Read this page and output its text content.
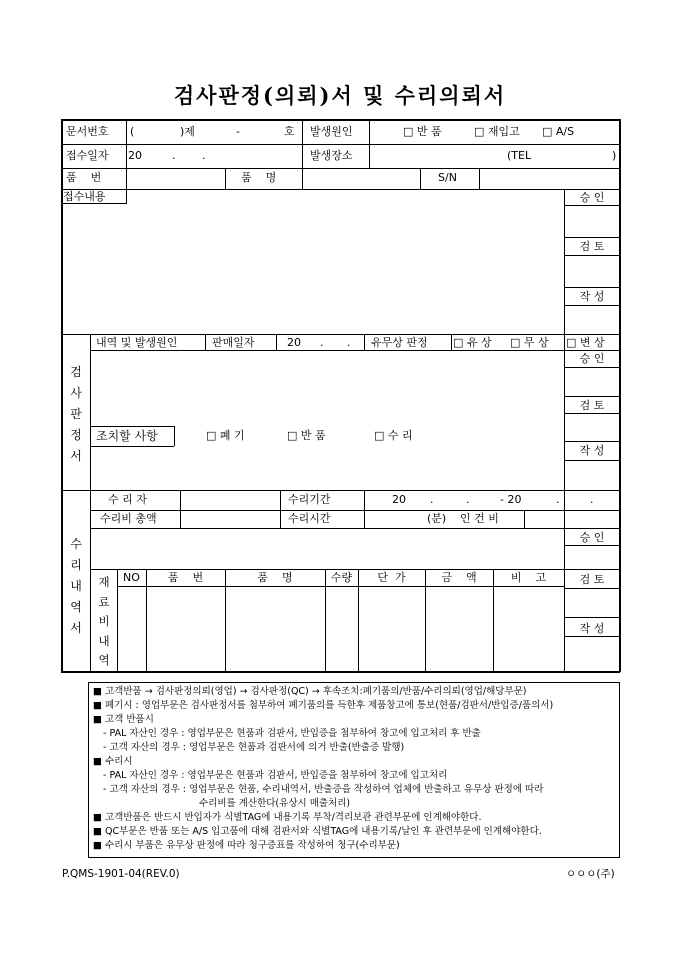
검사판정(의뢰)서 및 수리의뢰서
문서번호 (	)제	-	호 발생원인	□ 반 품	□ 재입고 □ A/S
접수일자 20	. .	발생장소	(TEL	)
품    번	품    명	S/N
접수내용	승 인
검 토
작 성
검
사
판
정
서
내역 및 발생원인	판매일자	20 . . 유무상 판정 □ 유 상 □ 무 상 □ 변 상
승 인
검 토
작 성
조치할 사항	□ 폐 기	□ 반 품	□ 수 리
수
리
내
역
서
수 리 자	수리기간	20 .	.	- 20	.	.
수리비 총액	수리시간	(분) 인 건 비
승 인
검 토
작 성
재
료
비
내
역
NO	품    번	품    명	수량	단  가	금    액	비    고
■ 고객반품 → 검사판정의뢰(영업) → 검사판정(QC) → 후속조치:폐기품의/반품/수리의뢰(영업/해당부문)
■ 폐기시 : 영업부문은 검사판정서를 첨부하여 폐기품의를 득한후 제품창고에 통보(현품/검판서/반입증/품의서)
■ 고객 반품시
- PAL 자산인 경우 : 영업부문은 현품과 검판서, 반입증을 첨부하여 창고에 입고처리 후 반출
- 고객 자산의 경우 : 영업부문은 현품과 검판서에 의거 반출(반출증 발행)
■ 수리시
- PAL 자산인 경우 : 영업부문은 현품과 검판서, 반입증을 첨부하여 창고에 입고처리
- 고객 자산의 경우 : 영업부문은 현품, 수리내역서, 반출증을 작성하여 업체에 반출하고 유무상 판정에 따라
수리비를 계산한다(유상시 매출처리)
■ 고객반품은 반드시 반입자가 식별TAG에 내용기록 부착/격리보관 관련부문에 인계해야한다.
■ QC부문은 반품 또는 A/S 입고품에 대해 검판서와 식별TAG에 내용기록/날인 후 관련부문에 인계해야한다.
■ 수리시 부품은 유무상 판정에 따라 청구증표를 작성하여 청구(수리부문)
P.QMS-1901-04(REV.0)	ㅇㅇㅇ(주)
